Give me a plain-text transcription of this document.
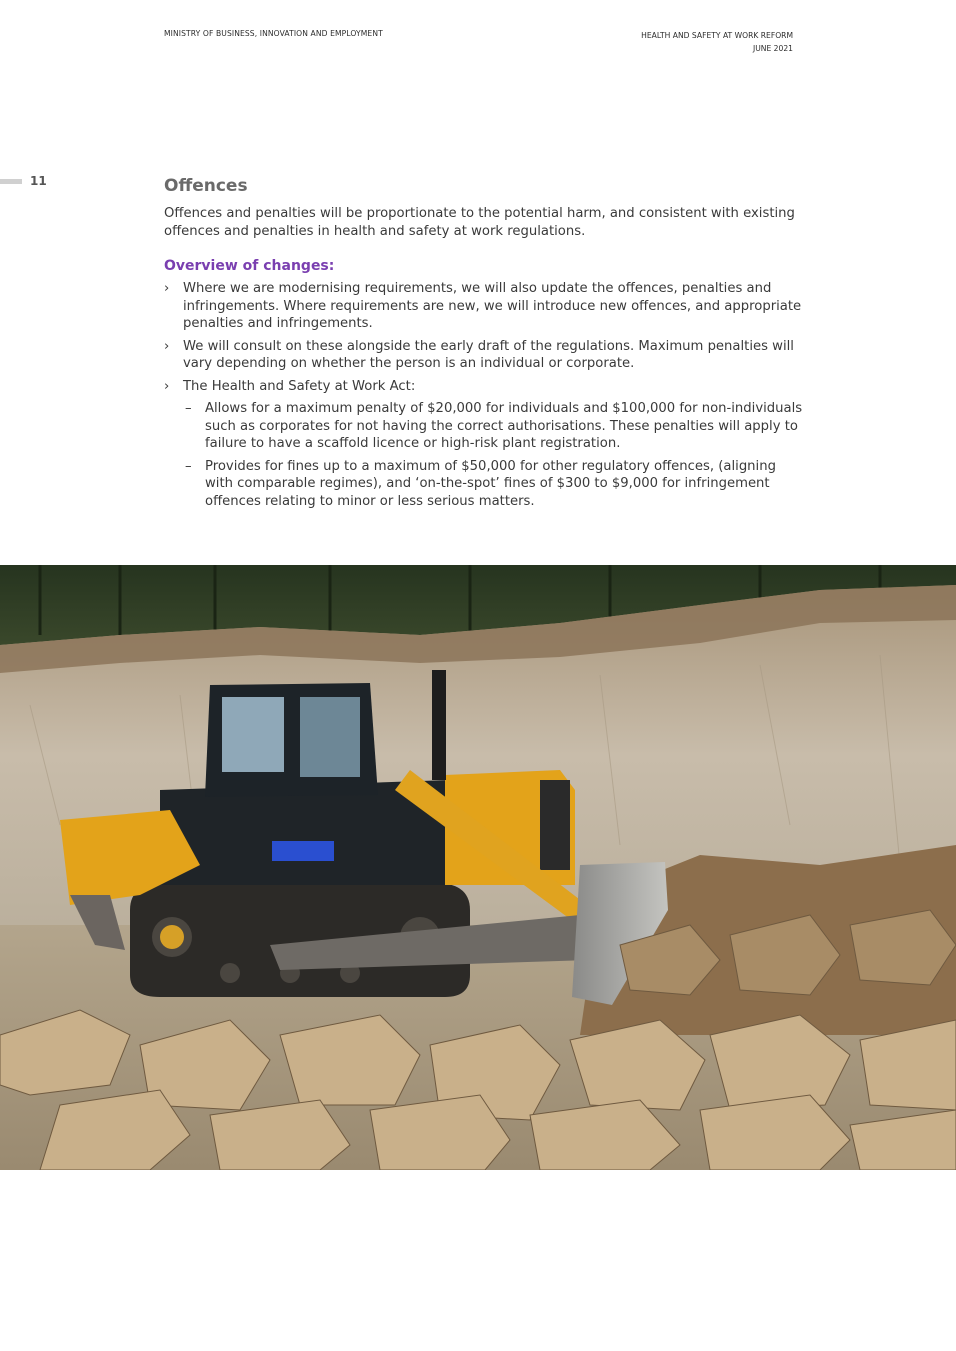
MINISTRY OF BUSINESS, INNOVATION AND EMPLOYMENT	HEALTH AND SAFETY AT WORK REFORM
JUNE 2021
11	Offences

Offences and penalties will be proportionate to the potential harm, and consistent with existing offences and penalties in health and safety at work regulations.

Overview of changes:
› Where we are modernising requirements, we will also update the offences, penalties and infringements. Where requirements are new, we will introduce new offences, and appropriate penalties and infringements.
› We will consult on these alongside the early draft of the regulations. Maximum penalties will vary depending on whether the person is an individual or corporate.
› The Health and Safety at Work Act:
– Allows for a maximum penalty of $20,000 for individuals and $100,000 for non-individuals such as corporates for not having the correct authorisations. These penalties will apply to failure to have a scaffold licence or high-risk plant registration.
– Provides for fines up to a maximum of $50,000 for other regulatory offences, (aligning with comparable regimes), and ‘on-the-spot’ fines of $300 to $9,000 for infringement offences relating to minor or less serious matters.
